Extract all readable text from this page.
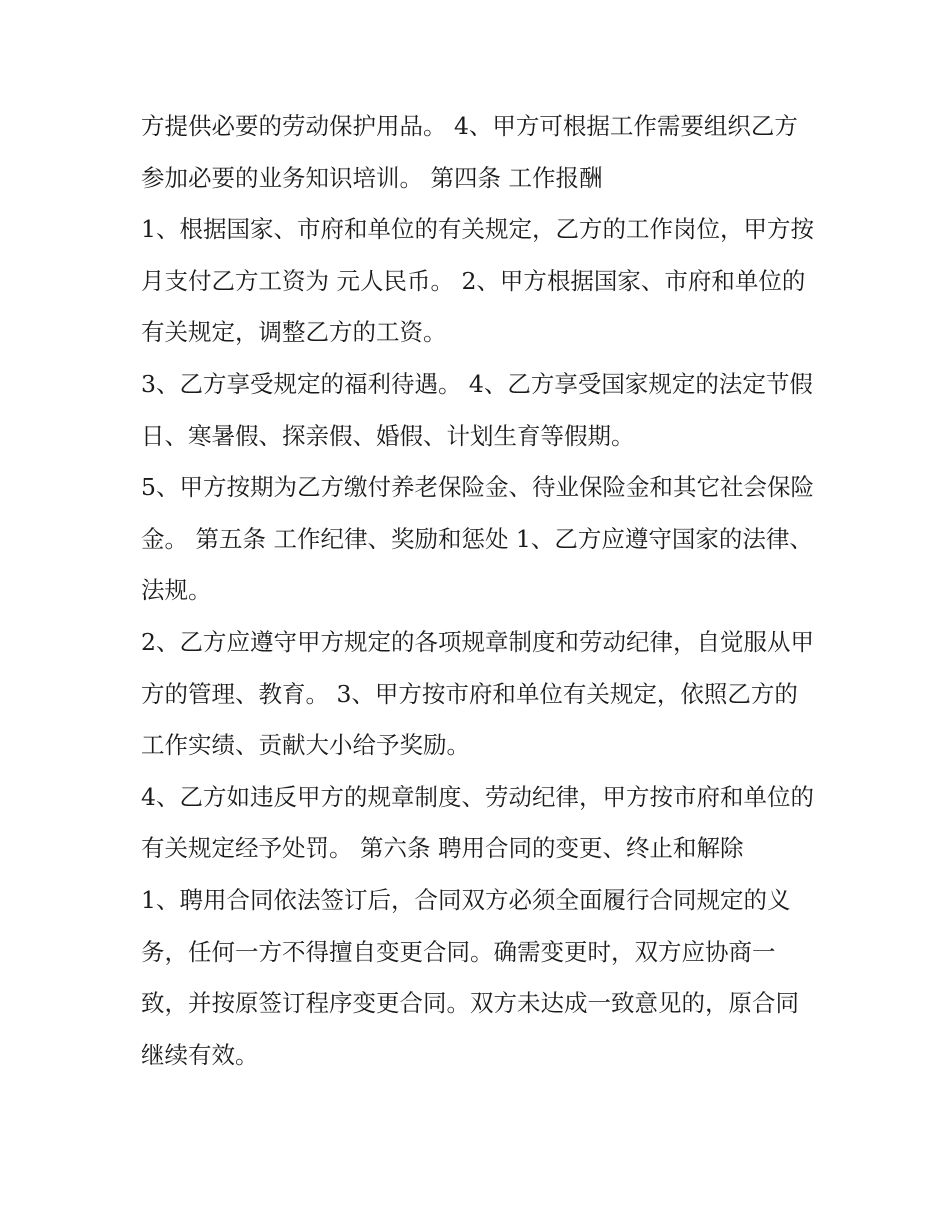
方提供必要的劳动保护用品。 4、甲方可根据工作需要组织乙方参加必要的业务知识培训。 第四条 工作报酬

1、根据国家、市府和单位的有关规定，乙方的工作岗位，甲方按月支付乙方工资为 元人民币。 2、甲方根据国家、市府和单位的有关规定，调整乙方的工资。

3、乙方享受规定的福利待遇。 4、乙方享受国家规定的法定节假日、寒暑假、探亲假、婚假、计划生育等假期。

5、甲方按期为乙方缴付养老保险金、待业保险金和其它社会保险金。 第五条 工作纪律、奖励和惩处 1、乙方应遵守国家的法律、法规。

2、乙方应遵守甲方规定的各项规章制度和劳动纪律，自觉服从甲方的管理、教育。 3、甲方按市府和单位有关规定，依照乙方的工作实绩、贡献大小给予奖励。

4、乙方如违反甲方的规章制度、劳动纪律，甲方按市府和单位的有关规定经予处罚。 第六条 聘用合同的变更、终止和解除

1、聘用合同依法签订后，合同双方必须全面履行合同规定的义务，任何一方不得擅自变更合同。确需变更时，双方应协商一致，并按原签订程序变更合同。双方未达成一致意见的，原合同继续有效。
